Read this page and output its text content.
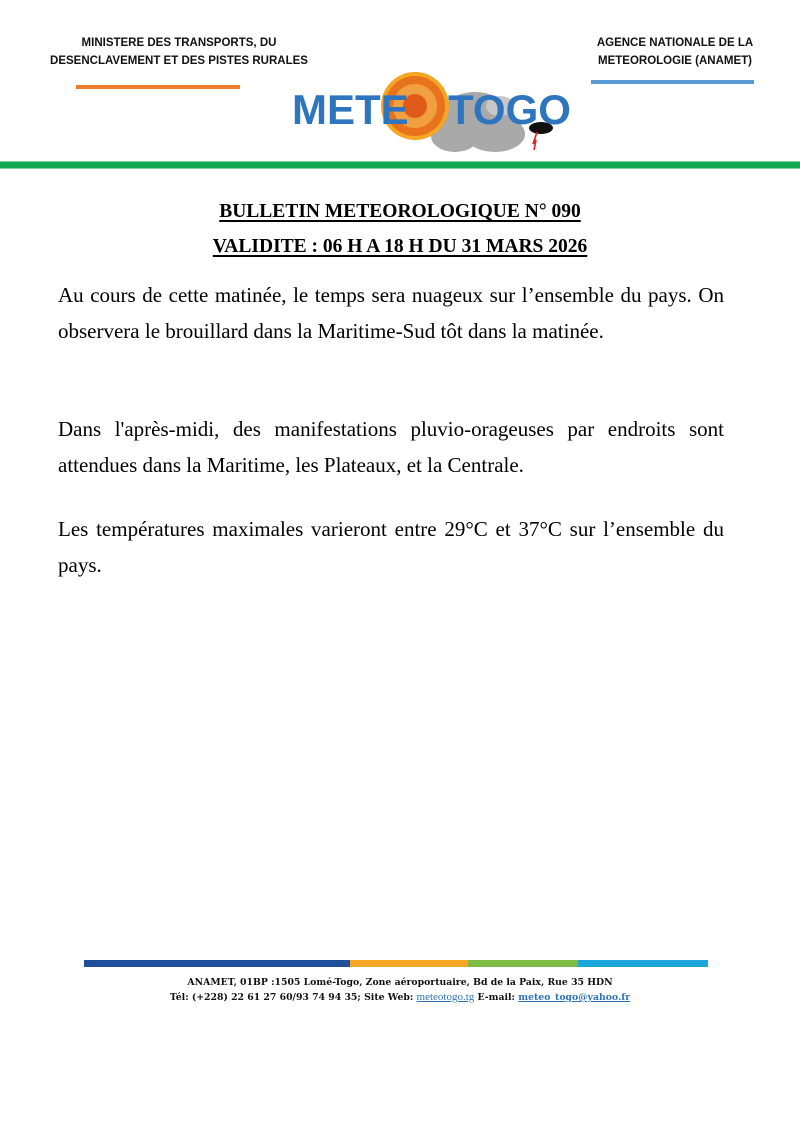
MINISTERE DES TRANSPORTS, DU
DESENCLAVEMENT ET DES PISTES RURALES
AGENCE NATIONALE DE LA
METEOROLOGIE (ANAMET)
METE TOGO
BULLETIN METEOROLOGIQUE N° 090
VALIDITE : 06 H A 18 H DU 31 MARS 2026

Au cours de cette matinée, le temps sera nuageux sur l’ensemble du pays. On observera le brouillard dans la Maritime-Sud tôt dans la matinée.

Dans l'après-midi, des manifestations pluvio-orageuses par endroits sont attendues dans la Maritime, les Plateaux, et la Centrale.

Les températures maximales varieront entre 29°C et 37°C sur l’ensemble du pays.

ANAMET, 01BP :1505 Lomé-Togo, Zone aéroportuaire, Bd de la Paix, Rue 35 HDN
Tél: (+228) 22 61 27 60/93 74 94 35; Site Web: meteotogo.tg E-mail: meteo_togo@yahoo.fr
